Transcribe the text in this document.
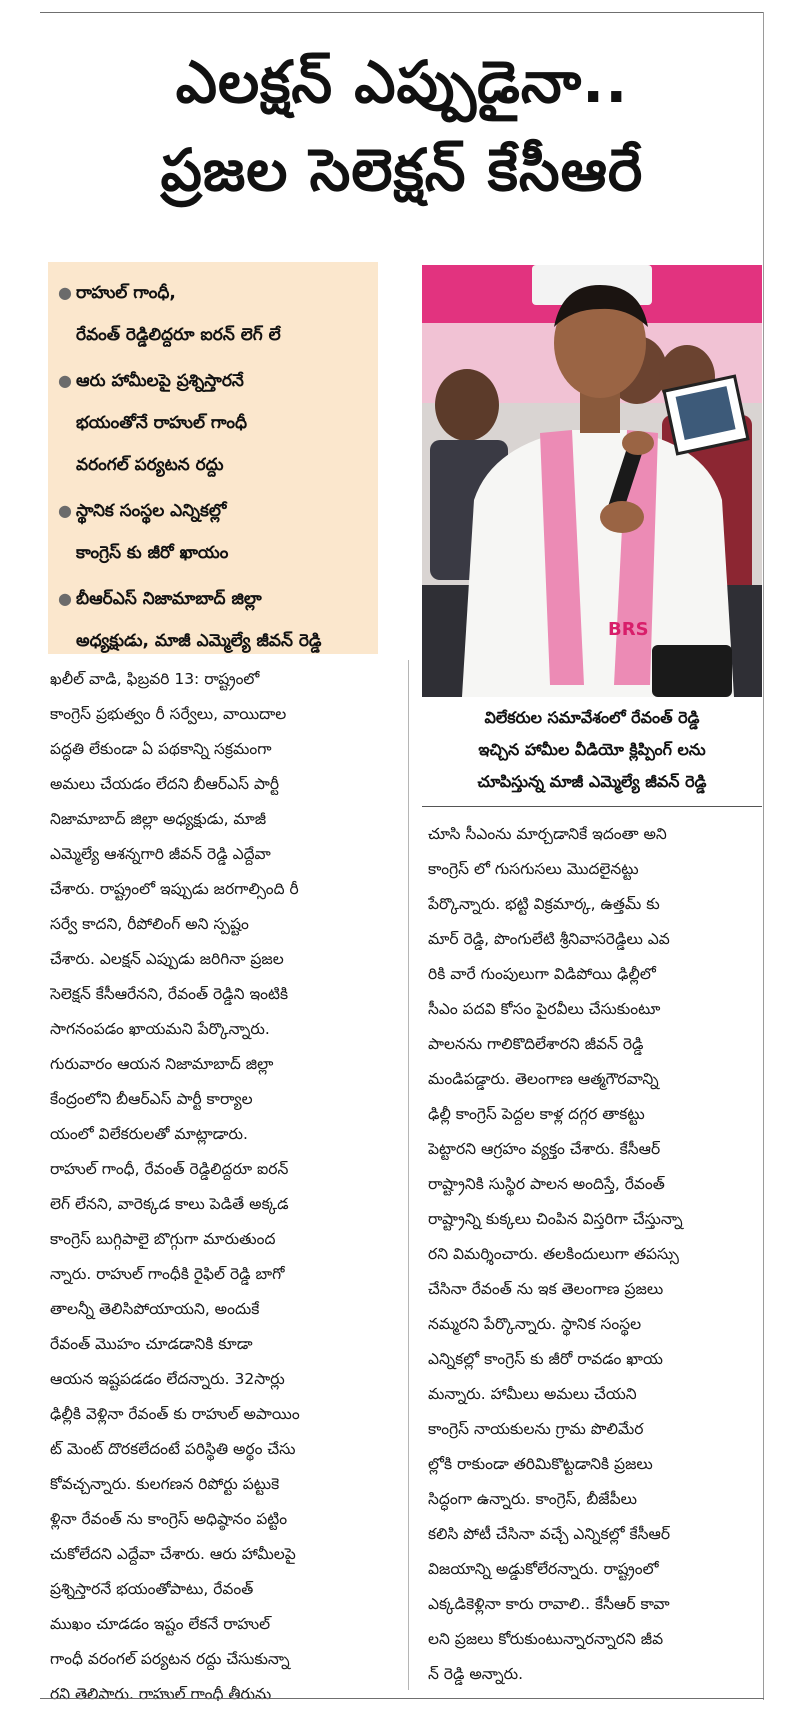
ఎలక్షన్ ఎప్పుడైనా..
ప్రజల సెలెక్షన్ కేసీఆరే
● రాహుల్ గాంధీ,
రేవంత్ రెడ్డిలిద్దరూ ఐరన్ లెగ్ లే
● ఆరు హామీలపై ప్రశ్నిస్తారనే
భయంతోనే రాహుల్ గాంధీ
వరంగల్ పర్యటన రద్దు
● స్థానిక సంస్థల ఎన్నికల్లో
కాంగ్రెస్ కు జీరో ఖాయం
● బీఆర్ఎస్ నిజామాబాద్ జిల్లా
అధ్యక్షుడు, మాజీ ఎమ్మెల్యే జీవన్ రెడ్డి
BRS
విలేకరుల సమావేశంలో రేవంత్ రెడ్డి
ఇచ్చిన హామీల వీడియో క్లిప్పింగ్ లను
చూపిస్తున్న మాజీ ఎమ్మెల్యే జీవన్ రెడ్డి
ఖలీల్ వాడి, ఫిబ్రవరి 13: రాష్ట్రంలో
కాంగ్రెస్ ప్రభుత్వం రీ సర్వేలు, వాయిదాల
పద్ధతి లేకుండా ఏ పథకాన్ని సక్రమంగా
అమలు చేయడం లేదని బీఆర్ఎస్ పార్టీ
నిజామాబాద్ జిల్లా అధ్యక్షుడు, మాజీ
ఎమ్మెల్యే ఆశన్నగారి జీవన్ రెడ్డి ఎద్దేవా
చేశారు. రాష్ట్రంలో ఇప్పుడు జరగాల్సింది రీ
సర్వే కాదని, రీపోలింగ్ అని స్పష్టం
చేశారు. ఎలక్షన్ ఎప్పుడు జరిగినా ప్రజల
సెలెక్షన్ కేసీఆరేనని, రేవంత్ రెడ్డిని ఇంటికి
సాగనంపడం ఖాయమని పేర్కొన్నారు.
గురువారం ఆయన నిజామాబాద్ జిల్లా
కేంద్రంలోని బీఆర్ఎస్ పార్టీ కార్యాల
యంలో విలేకరులతో మాట్లాడారు.
రాహుల్ గాంధీ, రేవంత్ రెడ్డిలిద్దరూ ఐరన్
లెగ్ లేనని, వారెక్కడ కాలు పెడితే అక్కడ
కాంగ్రెస్ బుగ్గిపాలై బొగ్గుగా మారుతుంద
న్నారు. రాహుల్ గాంధీకి రైఫిల్ రెడ్డి బాగో
తాలన్నీ తెలిసిపోయాయని, అందుకే
రేవంత్ మొహం చూడడానికి కూడా
ఆయన ఇష్టపడడం లేదన్నారు. 32సార్లు
ఢిల్లీకి వెళ్లినా రేవంత్ కు రాహుల్ అపాయిం
ట్ మెంట్ దొరకలేదంటే పరిస్థితి అర్థం చేసు
కోవచ్చన్నారు. కులగణన రిపోర్టు పట్టుకె
ళ్లినా రేవంత్ ను కాంగ్రెస్ అధిష్ఠానం పట్టిం
చుకోలేదని ఎద్దేవా చేశారు. ఆరు హామీలపై
ప్రశ్నిస్తారనే భయంతోపాటు, రేవంత్
ముఖం చూడడం ఇష్టం లేకనే రాహుల్
గాంధీ వరంగల్ పర్యటన రద్దు చేసుకున్నా
రని తెలిపారు. రాహుల్ గాంధీ తీరును
చూసి సీఎంను మార్చడానికే ఇదంతా అని
కాంగ్రెస్ లో గుసగుసలు మొదలైనట్టు
పేర్కొన్నారు. భట్టి విక్రమార్క, ఉత్తమ్ కు
మార్ రెడ్డి, పొంగులేటి శ్రీనివాసరెడ్డిలు ఎవ
రికి వారే గుంపులుగా విడిపోయి ఢిల్లీలో
సీఎం పదవి కోసం పైరవీలు చేసుకుంటూ
పాలనను గాలికొదిలేశారని జీవన్ రెడ్డి
మండిపడ్డారు. తెలంగాణ ఆత్మగౌరవాన్ని
ఢిల్లీ కాంగ్రెస్ పెద్దల కాళ్ల దగ్గర తాకట్టు
పెట్టారని ఆగ్రహం వ్యక్తం చేశారు. కేసీఆర్
రాష్ట్రానికి సుస్థిర పాలన అందిస్తే, రేవంత్
రాష్ట్రాన్ని కుక్కలు చింపిన విస్తరిగా చేస్తున్నా
రని విమర్శించారు. తలకిందులుగా తపస్సు
చేసినా రేవంత్ ను ఇక తెలంగాణ ప్రజలు
నమ్మరని పేర్కొన్నారు. స్థానిక సంస్థల
ఎన్నికల్లో కాంగ్రెస్ కు జీరో రావడం ఖాయ
మన్నారు. హామీలు అమలు చేయని
కాంగ్రెస్ నాయకులను గ్రామ పొలిమేర
ల్లోకి రాకుండా తరిమికొట్టడానికి ప్రజలు
సిద్ధంగా ఉన్నారు. కాంగ్రెస్, బీజేపీలు
కలిసి పోటీ చేసినా వచ్చే ఎన్నికల్లో కేసీఆర్
విజయాన్ని అడ్డుకోలేరన్నారు. రాష్ట్రంలో
ఎక్కడికెళ్లినా కారు రావాలి.. కేసీఆర్ కావా
లని ప్రజలు కోరుకుంటున్నారన్నారని జీవ
న్ రెడ్డి అన్నారు.
